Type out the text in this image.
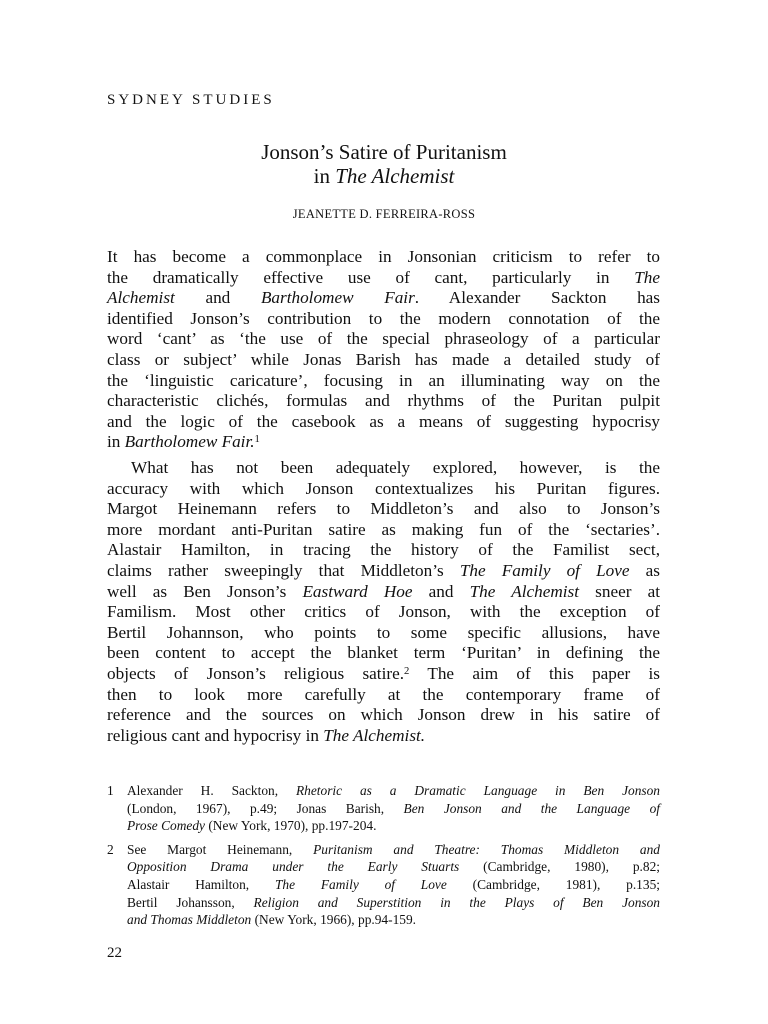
SYDNEY STUDIES
Jonson’s Satire of Puritanism
in The Alchemist
JEANETTE D. FERREIRA-ROSS
It has become a commonplace in Jonsonian criticism to refer to
the dramatically effective use of cant, particularly in The
Alchemist and Bartholomew Fair. Alexander Sackton has
identified Jonson’s contribution to the modern connotation of the
word ‘cant’ as ‘the use of the special phraseology of a particular
class or subject’ while Jonas Barish has made a detailed study of
the ‘linguistic caricature’, focusing in an illuminating way on the
characteristic clichés, formulas and rhythms of the Puritan pulpit
and the logic of the casebook as a means of suggesting hypocrisy
in Bartholomew Fair.$^1$
What has not been adequately explored, however, is the
accuracy with which Jonson contextualizes his Puritan figures.
Margot Heinemann refers to Middleton’s and also to Jonson’s
more mordant anti-Puritan satire as making fun of the ‘sectaries’.
Alastair Hamilton, in tracing the history of the Familist sect,
claims rather sweepingly that Middleton’s The Family of Love as
well as Ben Jonson’s Eastward Hoe and The Alchemist sneer at
Familism. Most other critics of Jonson, with the exception of
Bertil Johannson, who points to some specific allusions, have
been content to accept the blanket term ‘Puritan’ in defining the
objects of Jonson’s religious satire.$^2$ The aim of this paper is
then to look more carefully at the contemporary frame of
reference and the sources on which Jonson drew in his satire of
religious cant and hypocrisy in The Alchemist.
1 Alexander H. Sackton, Rhetoric as a Dramatic Language in Ben Jonson
(London, 1967), p.49; Jonas Barish, Ben Jonson and the Language of
Prose Comedy (New York, 1970), pp.197-204.
2 See Margot Heinemann, Puritanism and Theatre: Thomas Middleton and
Opposition Drama under the Early Stuarts (Cambridge, 1980), p.82;
Alastair Hamilton, The Family of Love (Cambridge, 1981), p.135;
Bertil Johansson, Religion and Superstition in the Plays of Ben Jonson
and Thomas Middleton (New York, 1966), pp.94-159.
22
